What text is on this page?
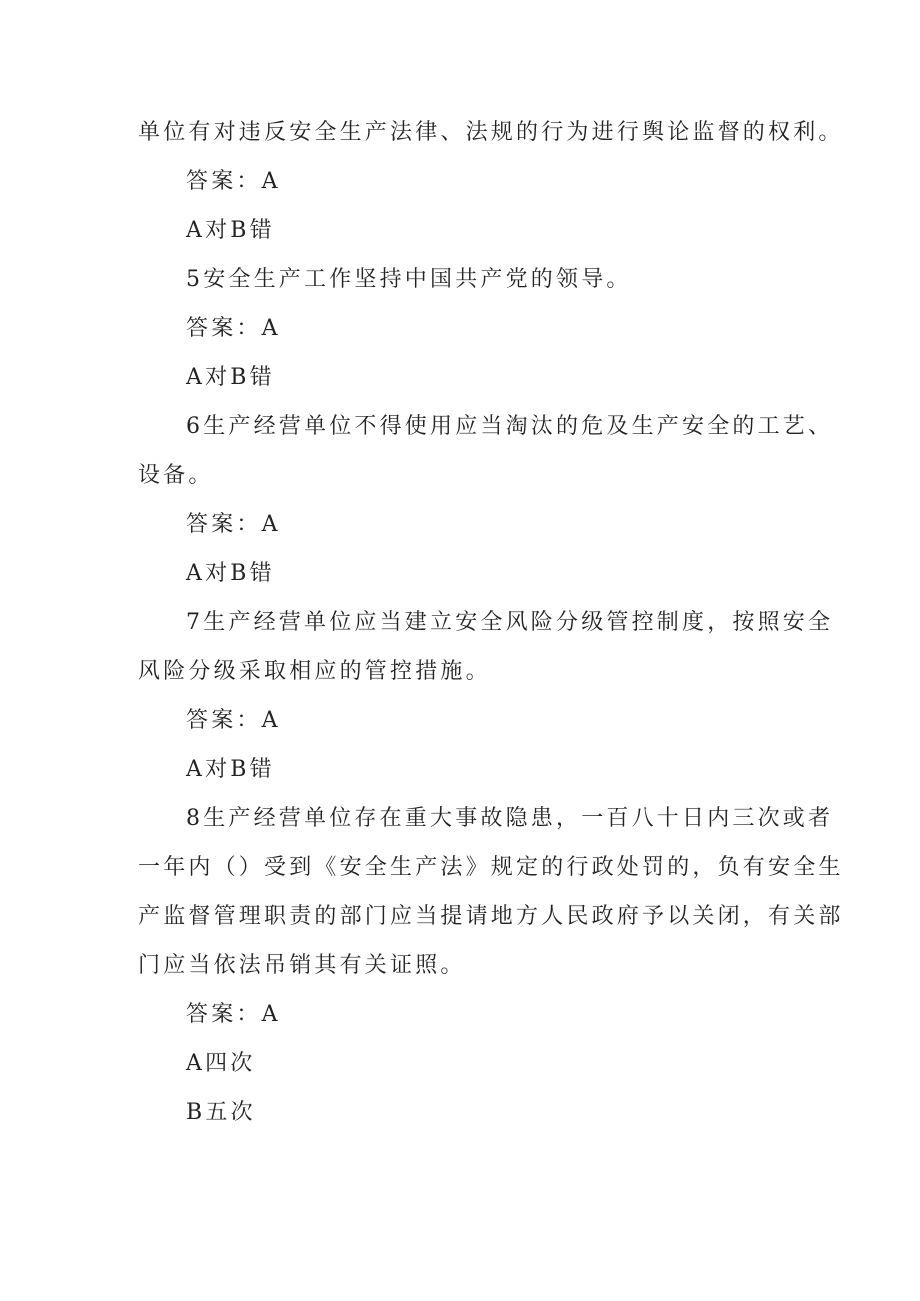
单位有对违反安全生产法律、法规的行为进行舆论监督的权利。
答案：A
A对B错
5安全生产工作坚持中国共产党的领导。
答案：A
A对B错
6生产经营单位不得使用应当淘汰的危及生产安全的工艺、
设备。
答案：A
A对B错
7生产经营单位应当建立安全风险分级管控制度，按照安全
风险分级采取相应的管控措施。
答案：A
A对B错
8生产经营单位存在重大事故隐患，一百八十日内三次或者
一年内（）受到《安全生产法》规定的行政处罚的，负有安全生
产监督管理职责的部门应当提请地方人民政府予以关闭，有关部
门应当依法吊销其有关证照。
答案：A
A四次
B五次
